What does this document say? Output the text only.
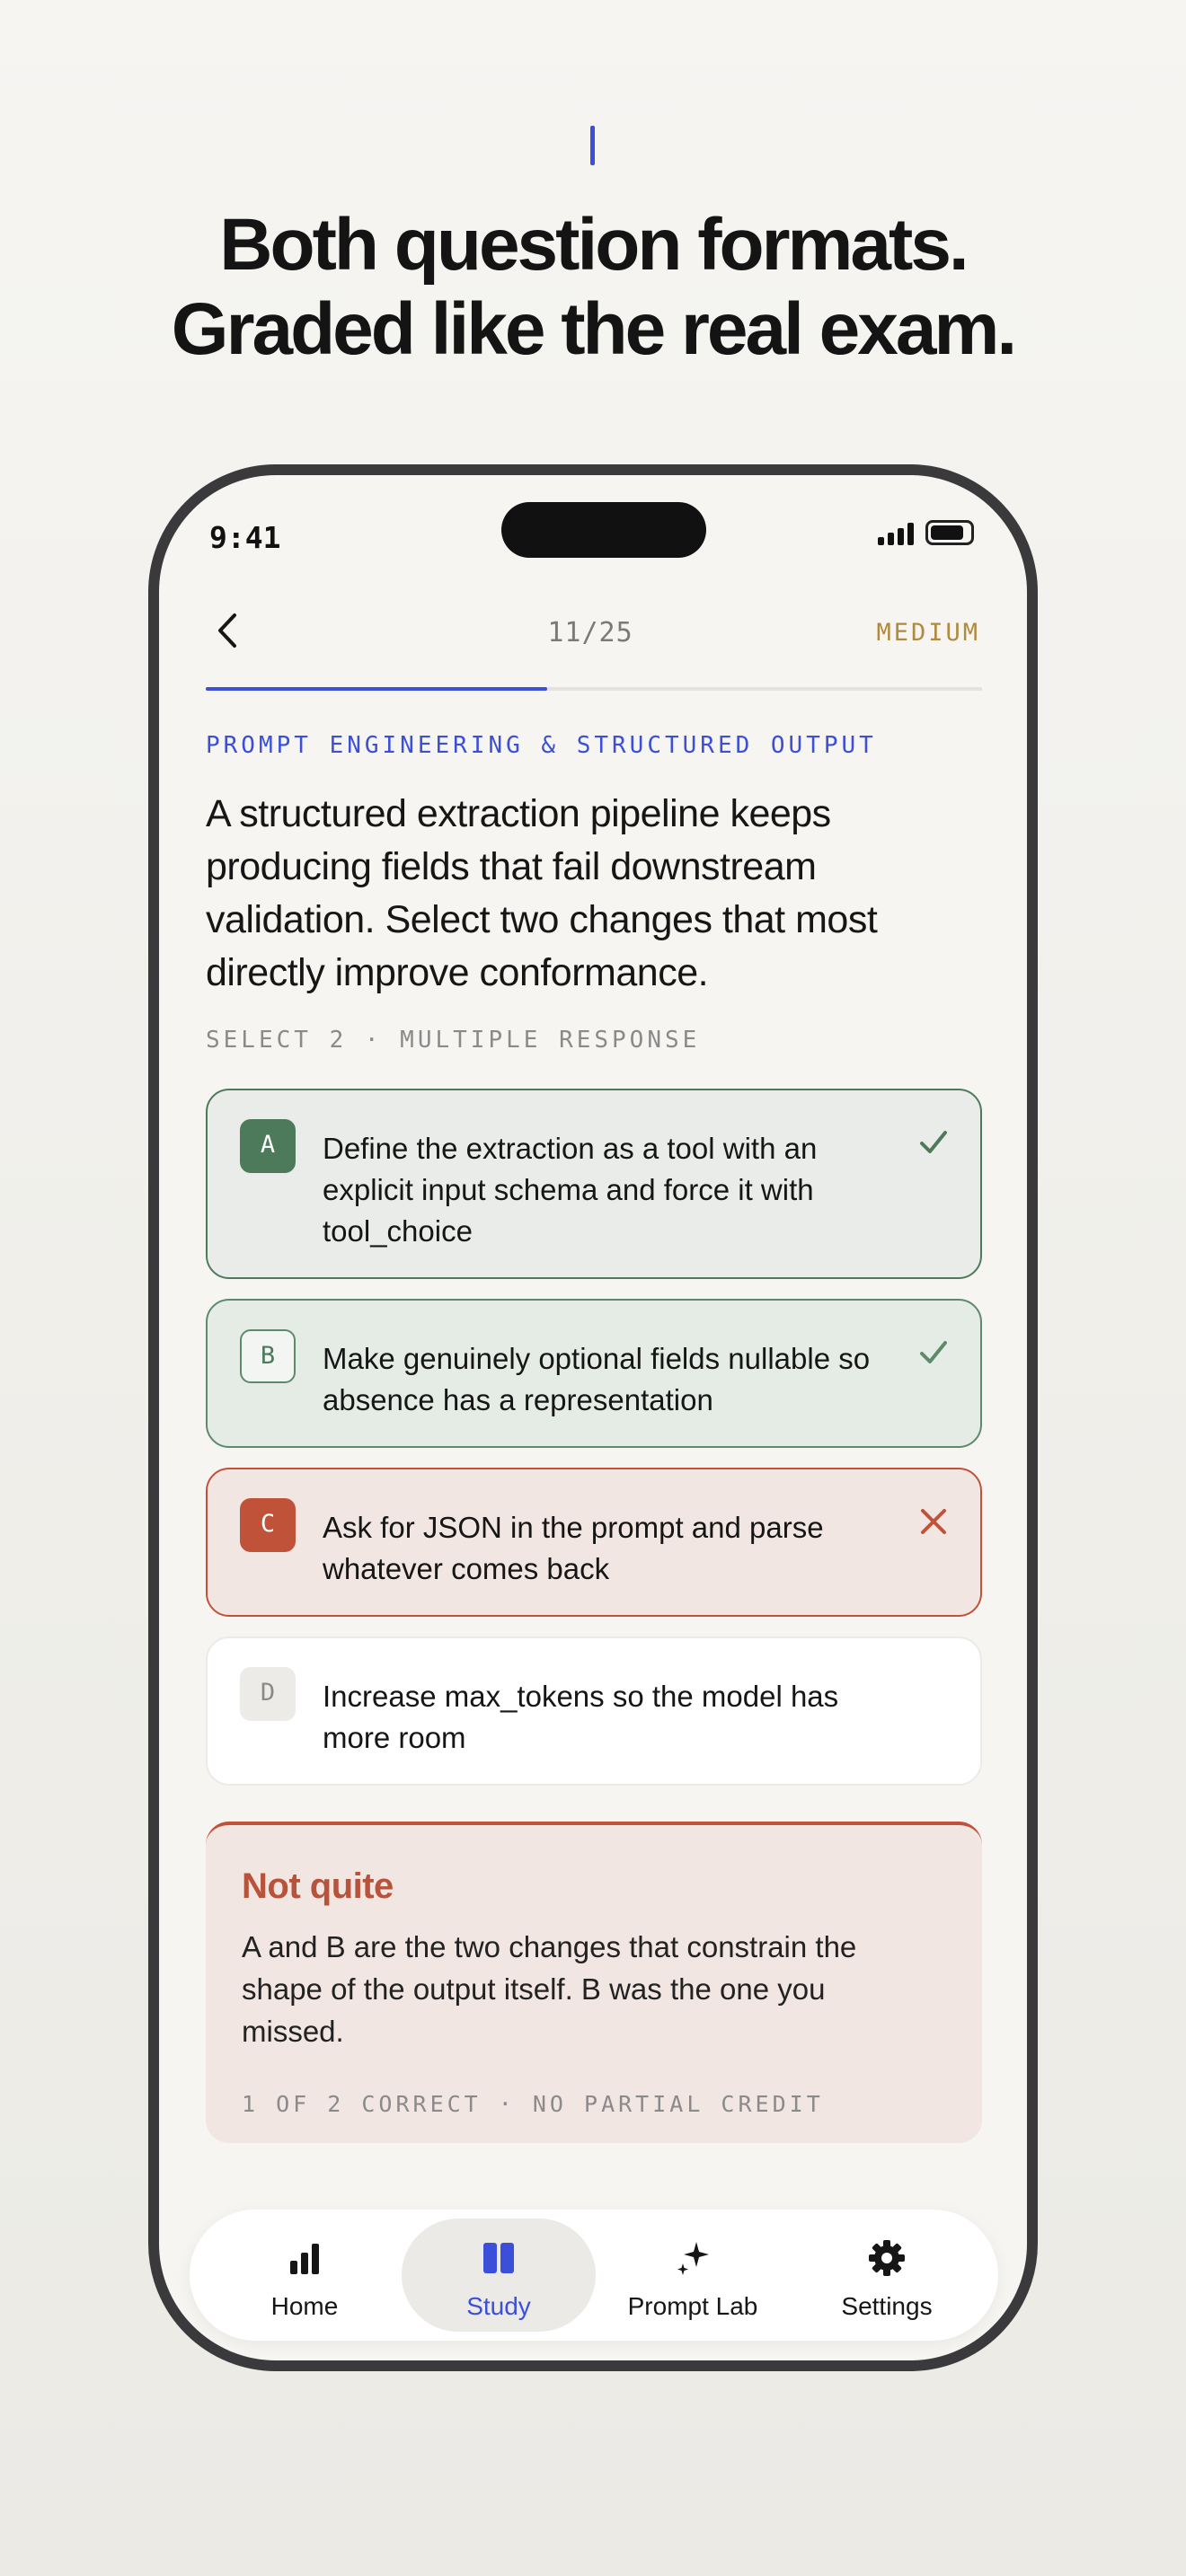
Both question formats.
Graded like the real exam.
9:41
11/25	MEDIUM
PROMPT ENGINEERING & STRUCTURED OUTPUT
A structured extraction pipeline keeps producing fields that fail downstream validation. Select two changes that most directly improve conformance.
SELECT 2 · MULTIPLE RESPONSE
A	Define the extraction as a tool with an explicit input schema and force it with tool_choice
B	Make genuinely optional fields nullable so absence has a representation
C	Ask for JSON in the prompt and parse whatever comes back
D	Increase max_tokens so the model has more room
Not quite
A and B are the two changes that constrain the shape of the output itself. B was the one you missed.
1 OF 2 CORRECT · NO PARTIAL CREDIT
Home	Study	Prompt Lab	Settings
